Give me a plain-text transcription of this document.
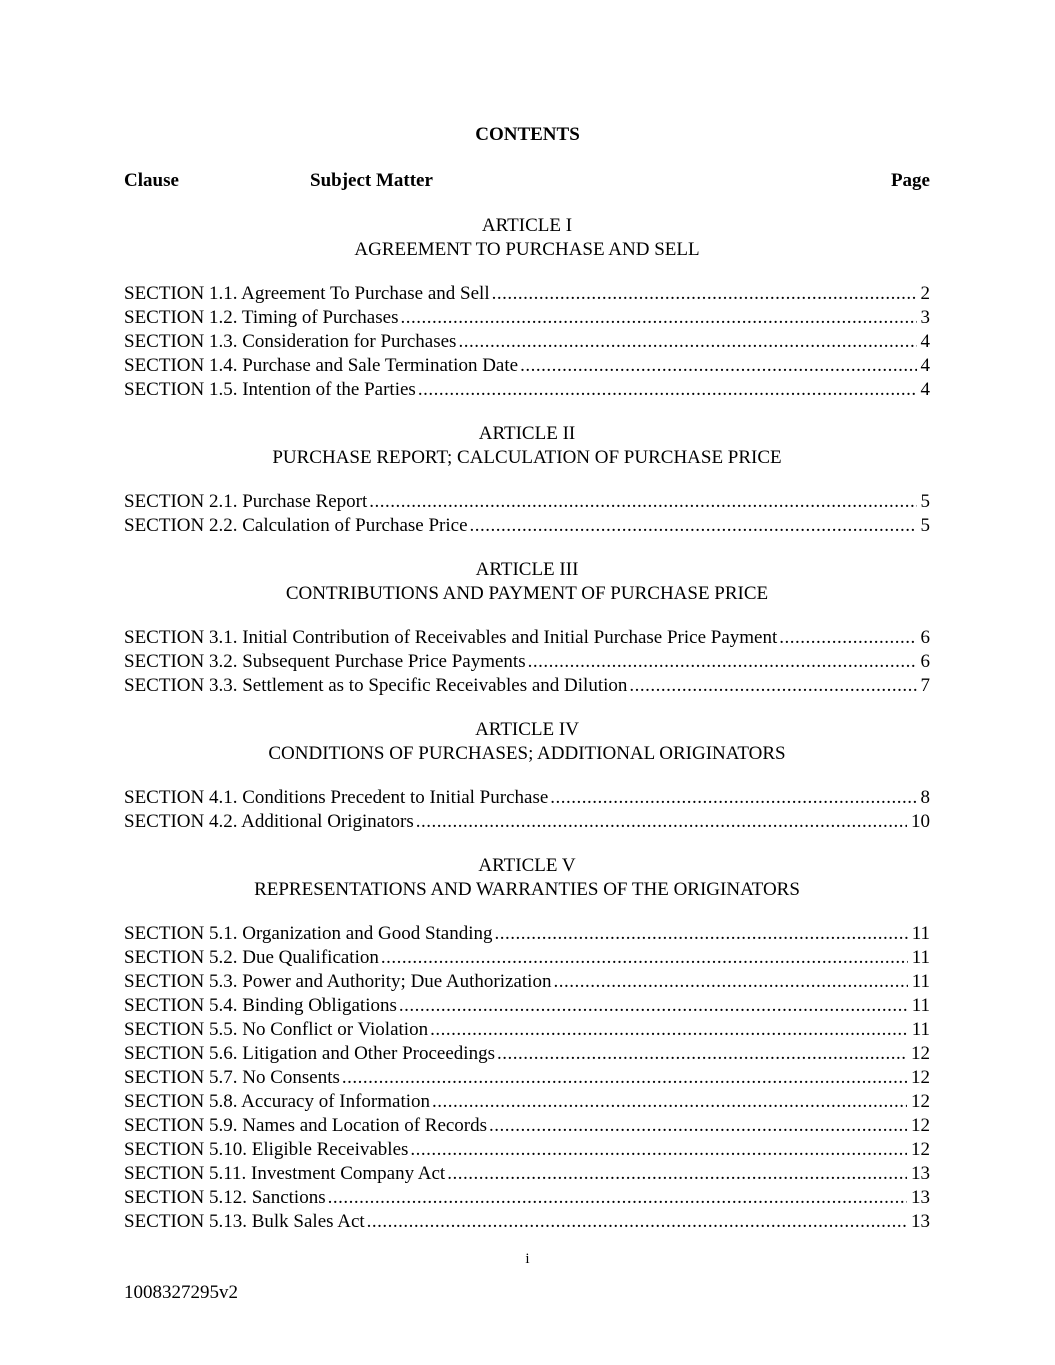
CONTENTS
Clause	Subject Matter	Page
ARTICLE I
AGREEMENT TO PURCHASE AND SELL
SECTION 1.1. Agreement To Purchase and Sell .....	2
SECTION 1.2. Timing of Purchases .....	3
SECTION 1.3. Consideration for Purchases .....	4
SECTION 1.4. Purchase and Sale Termination Date .....	4
SECTION 1.5. Intention of the Parties .....	4
ARTICLE II
PURCHASE REPORT; CALCULATION OF PURCHASE PRICE
SECTION 2.1. Purchase Report .....	5
SECTION 2.2. Calculation of Purchase Price .....	5
ARTICLE III
CONTRIBUTIONS AND PAYMENT OF PURCHASE PRICE
SECTION 3.1. Initial Contribution of Receivables and Initial Purchase Price Payment .....	6
SECTION 3.2. Subsequent Purchase Price Payments .....	6
SECTION 3.3. Settlement as to Specific Receivables and Dilution .....	7
ARTICLE IV
CONDITIONS OF PURCHASES; ADDITIONAL ORIGINATORS
SECTION 4.1. Conditions Precedent to Initial Purchase .....	8
SECTION 4.2. Additional Originators .....	10
ARTICLE V
REPRESENTATIONS AND WARRANTIES OF THE ORIGINATORS
SECTION 5.1. Organization and Good Standing .....	11
SECTION 5.2. Due Qualification .....	11
SECTION 5.3. Power and Authority; Due Authorization .....	11
SECTION 5.4. Binding Obligations .....	11
SECTION 5.5. No Conflict or Violation .....	11
SECTION 5.6. Litigation and Other Proceedings .....	12
SECTION 5.7. No Consents .....	12
SECTION 5.8. Accuracy of Information .....	12
SECTION 5.9. Names and Location of Records .....	12
SECTION 5.10. Eligible Receivables .....	12
SECTION 5.11. Investment Company Act .....	13
SECTION 5.12. Sanctions .....	13
SECTION 5.13. Bulk Sales Act .....	13
i
1008327295v2
